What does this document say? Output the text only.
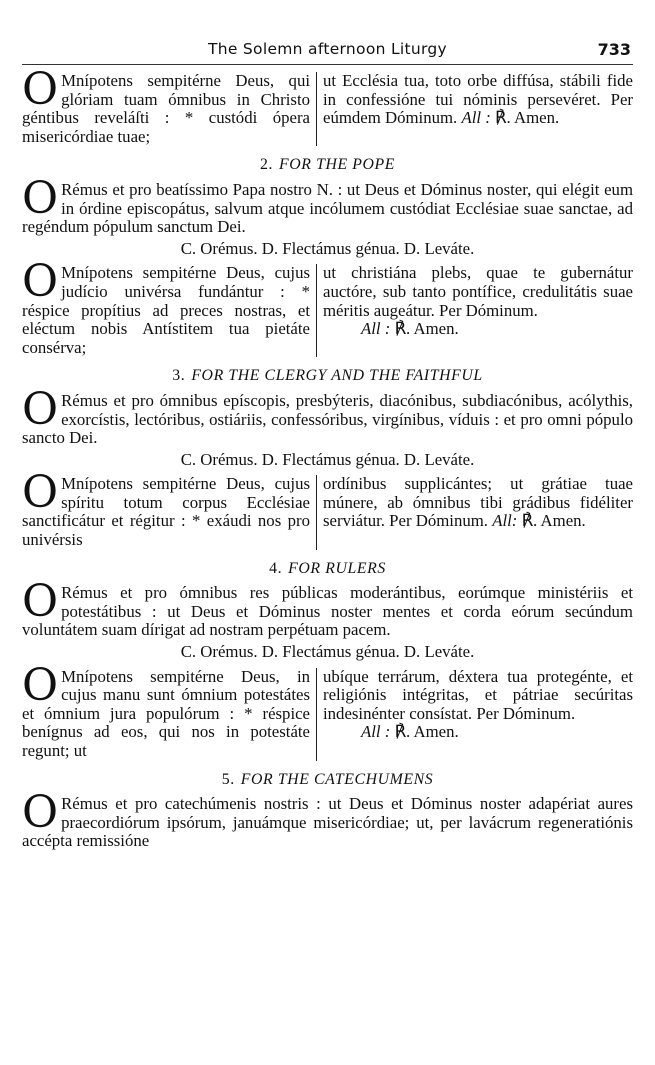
The Solemn afternoon Liturgy	733

O Mnípotens sempitérne Deus, qui glóriam tuam ómnibus in Christo géntibus reveláſti : * custódi ópera misericórdiae tuae;

ut Ecclésia tua, toto orbe diffúsa, stábili fide in confessióne tui nóminis persevéret. Per eúmdem Dóminum. All : ℟. Amen.

2. FOR THE POPE

O Rémus et pro beatíssimo Papa nostro N. : ut Deus et Dóminus noster, qui elégit eum in órdine episcopátus, salvum atque incólumem custódiat Ecclésiae suae sanctae, ad regéndum pópulum sanctum Dei.

C. Orémus. D. Flectámus génua. D. Leváte.

O Mnípotens sempitérne Deus, cujus judício univérsa fundántur : * réspice propítius ad preces nostras, et eléctum nobis Antístitem tua pietáte consérva;

ut christiána plebs, quae te gubernátur auctóre, sub tanto pontífice, credulitátis suae méritis augeátur. Per Dóminum.

All : ℟. Amen.
3. FOR THE CLERGY AND THE FAITHFUL

O Rémus et pro ómnibus epíscopis, presbýteris, diacónibus, subdiacónibus, acólythis, exorcístis, lectóribus, ostiáriis, confessóribus, virgínibus, víduis : et pro omni pópulo sancto Dei.

C. Orémus. D. Flectámus génua. D. Leváte.

O Mnípotens sempitérne Deus, cujus spíritu totum corpus Ecclésiae sanctificátur et régitur : * exáudi nos pro univérsis

ordínibus supplicántes; ut grátiae tuae múnere, ab ómnibus tibi grádibus fidéliter serviátur. Per Dóminum. All: ℟. Amen.

4. FOR RULERS

O Rémus et pro ómnibus res públicas moderántibus, eorúmque ministériis et potestátibus : ut Deus et Dóminus noster mentes et corda eórum secúndum voluntátem suam dírigat ad nostram perpétuam pacem.

C. Orémus. D. Flectámus génua. D. Leváte.

O Mnípotens sempitérne Deus, in cujus manu sunt ómnium potestátes et ómnium jura populórum : * réspice benígnus ad eos, qui nos in potestáte regunt; ut

ubíque terrárum, déxtera tua protegénte, et religiónis intégritas, et pátriae secúritas indesinénter consístat. Per Dóminum.

All : ℟. Amen.
5. FOR THE CATECHUMENS

O Rémus et pro catechúmenis nostris : ut Deus et Dóminus noster adapériat aures praecordiórum ipsórum, januámque misericórdiae; ut, per lavácrum regeneratiónis accépta remissióne
